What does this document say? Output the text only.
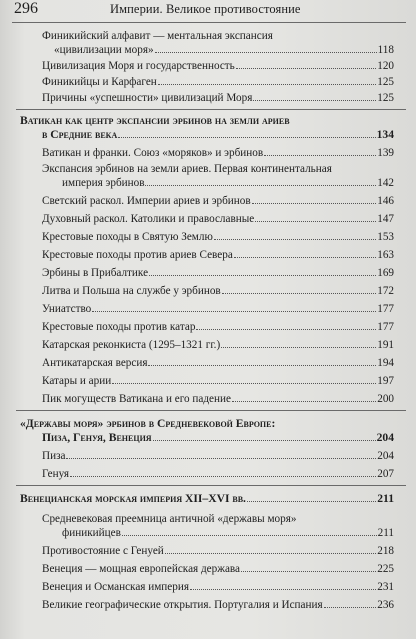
296	Империи. Великое противостояние
Финикийский алфавит — ментальная экспансия
«цивилизации моря»	118
Цивилизация Моря и государственность	120
Финикийцы и Карфаген	125
Причины «успешности» цивилизаций Моря	125
Ватикан как центр экспансии эрбинов на земли ариев
в Средние века	134
Ватикан и франки. Союз «моряков» и эрбинов	139
Экспансия эрбинов на земли ариев. Первая континентальная
империя эрбинов	142
Светский раскол. Империи ариев и эрбинов	146
Духовный раскол. Католики и православные	147
Крестовые походы в Святую Землю	153
Крестовые походы против ариев Севера	163
Эрбины в Прибалтике	169
Литва и Польша на службе у эрбинов	172
Униатство	177
Крестовые походы против катар	177
Катарская реконкиста (1295–1321 гг.)	191
Антикатарская версия	194
Катары и арии	197
Пик могуществ Ватикана и его падение	200
«Державы моря» эрбинов в Средневековой Европе:
Пиза, Генуя, Венеция	204
Пиза	204
Генуя	207
Венецианская морская империя XII–XVI вв.	211
Средневековая преемница античной «державы моря»
финикийцев	211
Противостояние с Генуей	218
Венеция — мощная европейская держава	225
Венеция и Османская империя	231
Великие географические открытия. Португалия и Испания	236
